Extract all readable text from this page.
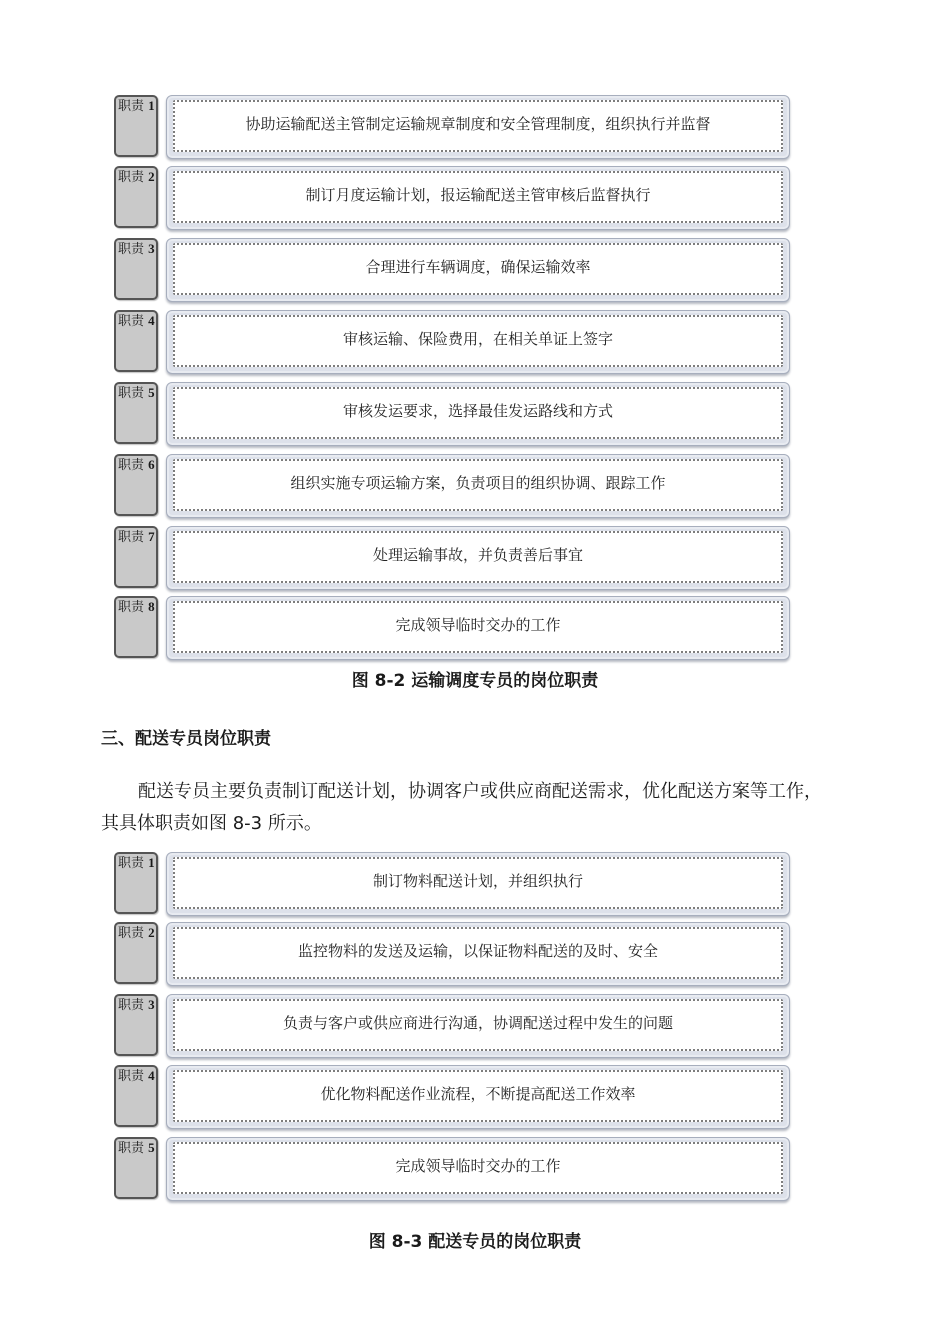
职责 1
协助运输配送主管制定运输规章制度和安全管理制度，组织执行并监督
职责 2
制订月度运输计划，报运输配送主管审核后监督执行
职责 3
合理进行车辆调度，确保运输效率
职责 4
审核运输、保险费用，在相关单证上签字
职责 5
审核发运要求，选择最佳发运路线和方式
职责 6
组织实施专项运输方案，负责项目的组织协调、跟踪工作
职责 7
处理运输事故，并负责善后事宜
职责 8
完成领导临时交办的工作
图 8-2 运输调度专员的岗位职责
三、配送专员岗位职责
配送专员主要负责制订配送计划，协调客户或供应商配送需求，优化配送方案等工作，
其具体职责如图 8-3 所示。
职责 1
制订物料配送计划，并组织执行
职责 2
监控物料的发送及运输，以保证物料配送的及时、安全
职责 3
负责与客户或供应商进行沟通，协调配送过程中发生的问题
职责 4
优化物料配送作业流程，不断提高配送工作效率
职责 5
完成领导临时交办的工作
图 8-3 配送专员的岗位职责
